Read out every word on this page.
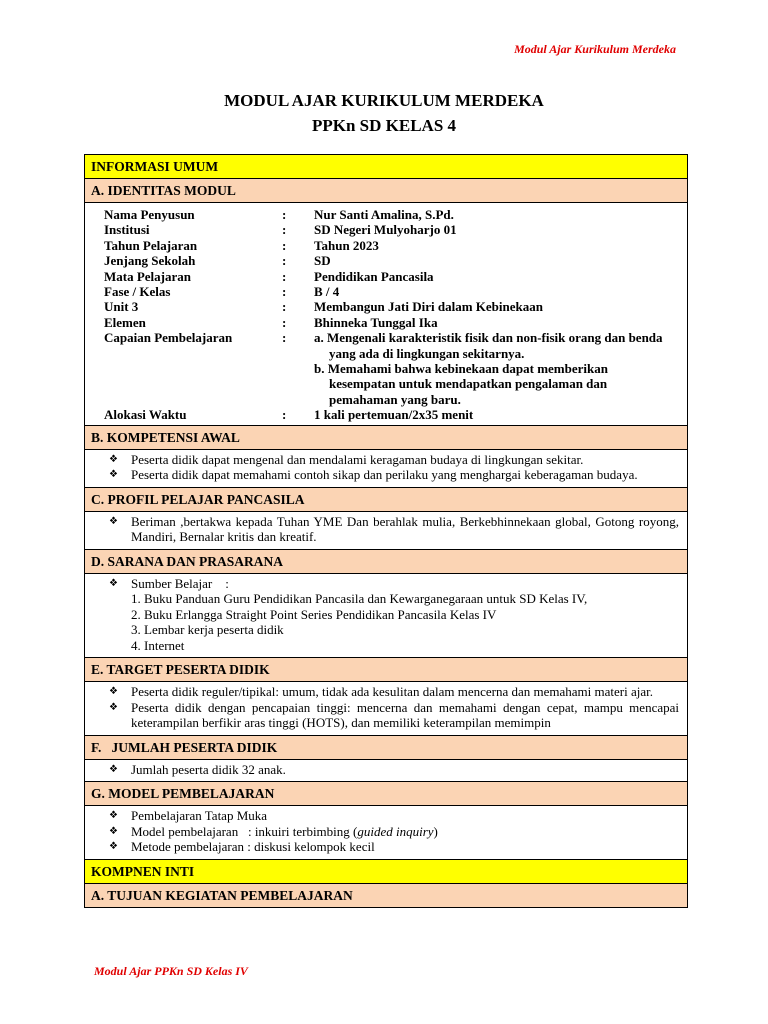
Modul Ajar Kurikulum Merdeka
MODUL AJAR KURIKULUM MERDEKA
PPKn SD KELAS 4
INFORMASI UMUM
A. IDENTITAS MODUL
Nama Penyusun	:	Nur Santi Amalina, S.Pd.
Institusi	:	SD Negeri Mulyoharjo 01
Tahun Pelajaran	:	Tahun 2023
Jenjang Sekolah	:	SD
Mata Pelajaran	:	Pendidikan Pancasila
Fase / Kelas	:	B / 4
Unit 3	:	Membangun Jati Diri dalam Kebinekaan
Elemen	:	Bhinneka Tunggal Ika
Capaian Pembelajaran	:	a. Mengenali karakteristik fisik dan non-fisik orang dan benda yang ada di lingkungan sekitarnya.
b. Memahami bahwa kebinekaan dapat memberikan kesempatan untuk mendapatkan pengalaman dan pemahaman yang baru.
Alokasi Waktu	:	1 kali pertemuan/2x35 menit
B. KOMPETENSI AWAL
❖	Peserta didik dapat mengenal dan mendalami keragaman budaya di lingkungan sekitar.
❖	Peserta didik dapat memahami contoh sikap dan perilaku yang menghargai keberagaman budaya.
C. PROFIL PELAJAR PANCASILA
❖	Beriman ,bertakwa kepada Tuhan YME Dan berahlak mulia, Berkebhinnekaan global, Gotong royong, Mandiri, Bernalar kritis dan kreatif.
D. SARANA DAN PRASARANA
❖	Sumber Belajar    :
1. Buku Panduan Guru Pendidikan Pancasila dan Kewarganegaraan untuk SD Kelas IV,
2. Buku Erlangga Straight Point Series Pendidikan Pancasila Kelas IV
3. Lembar kerja peserta didik
4. Internet
E. TARGET PESERTA DIDIK
❖	Peserta didik reguler/tipikal: umum, tidak ada kesulitan dalam mencerna dan memahami materi ajar.
❖	Peserta didik dengan pencapaian tinggi: mencerna dan memahami dengan cepat, mampu mencapai keterampilan berfikir aras tinggi (HOTS), dan memiliki keterampilan memimpin
F.   JUMLAH PESERTA DIDIK
❖	Jumlah peserta didik 32 anak.
G. MODEL PEMBELAJARAN
❖	Pembelajaran Tatap Muka
❖	Model pembelajaran   : inkuiri terbimbing (guided inquiry)
❖	Metode pembelajaran : diskusi kelompok kecil
KOMPNEN INTI
A. TUJUAN KEGIATAN PEMBELAJARAN
Modul Ajar PPKn SD Kelas IV
